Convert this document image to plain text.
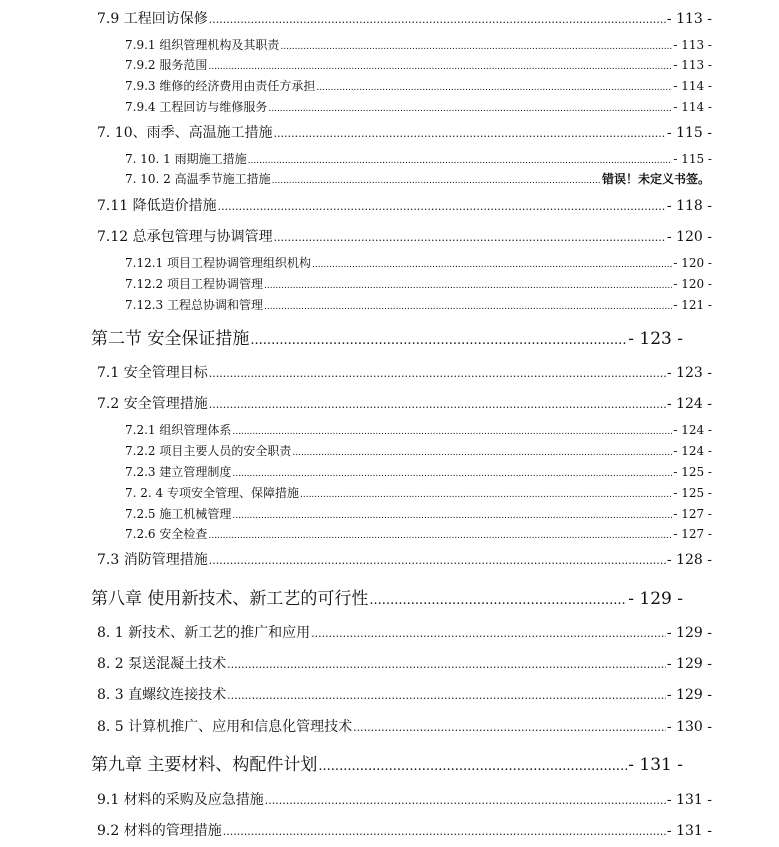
7.9 工程回访保修 .....	- 113 -
7.9.1 组织管理机构及其职责 .....	- 113 -
7.9.2 服务范围 .....	- 113 -
7.9.3 维修的经济费用由责任方承担 .....	- 114 -
7.9.4 工程回访与维修服务 .....	- 114 -
7. 10、雨季、高温施工措施 .....	- 115 -
7. 10. 1 雨期施工措施 .....	- 115 -
7. 10. 2 高温季节施工措施 .....	错误！未定义书签。
7.11 降低造价措施 .....	- 118 -
7.12 总承包管理与协调管理 .....	- 120 -
7.12.1 项目工程协调管理组织机构 .....	- 120 -
7.12.2 项目工程协调管理 .....	- 120 -
7.12.3 工程总协调和管理 .....	- 121 -
第二节 安全保证措施 .....	- 123 -
7.1 安全管理目标 .....	- 123 -
7.2 安全管理措施 .....	- 124 -
7.2.1 组织管理体系 .....	- 124 -
7.2.2 项目主要人员的安全职责 .....	- 124 -
7.2.3 建立管理制度 .....	- 125 -
7. 2. 4 专项安全管理、保障措施 .....	- 125 -
7.2.5 施工机械管理 .....	- 127 -
7.2.6 安全检查 .....	- 127 -
7.3 消防管理措施 .....	- 128 -
第八章 使用新技术、新工艺的可行性 .....	- 129 -
8. 1 新技术、新工艺的推广和应用 .....	- 129 -
8. 2 泵送混凝土技术 .....	- 129 -
8. 3 直螺纹连接技术 .....	- 129 -
8. 5 计算机推广、应用和信息化管理技术 .....	- 130 -
第九章 主要材料、构配件计划 .....	- 131 -
9.1 材料的采购及应急措施 .....	- 131 -
9.2 材料的管理措施 .....	- 131 -
